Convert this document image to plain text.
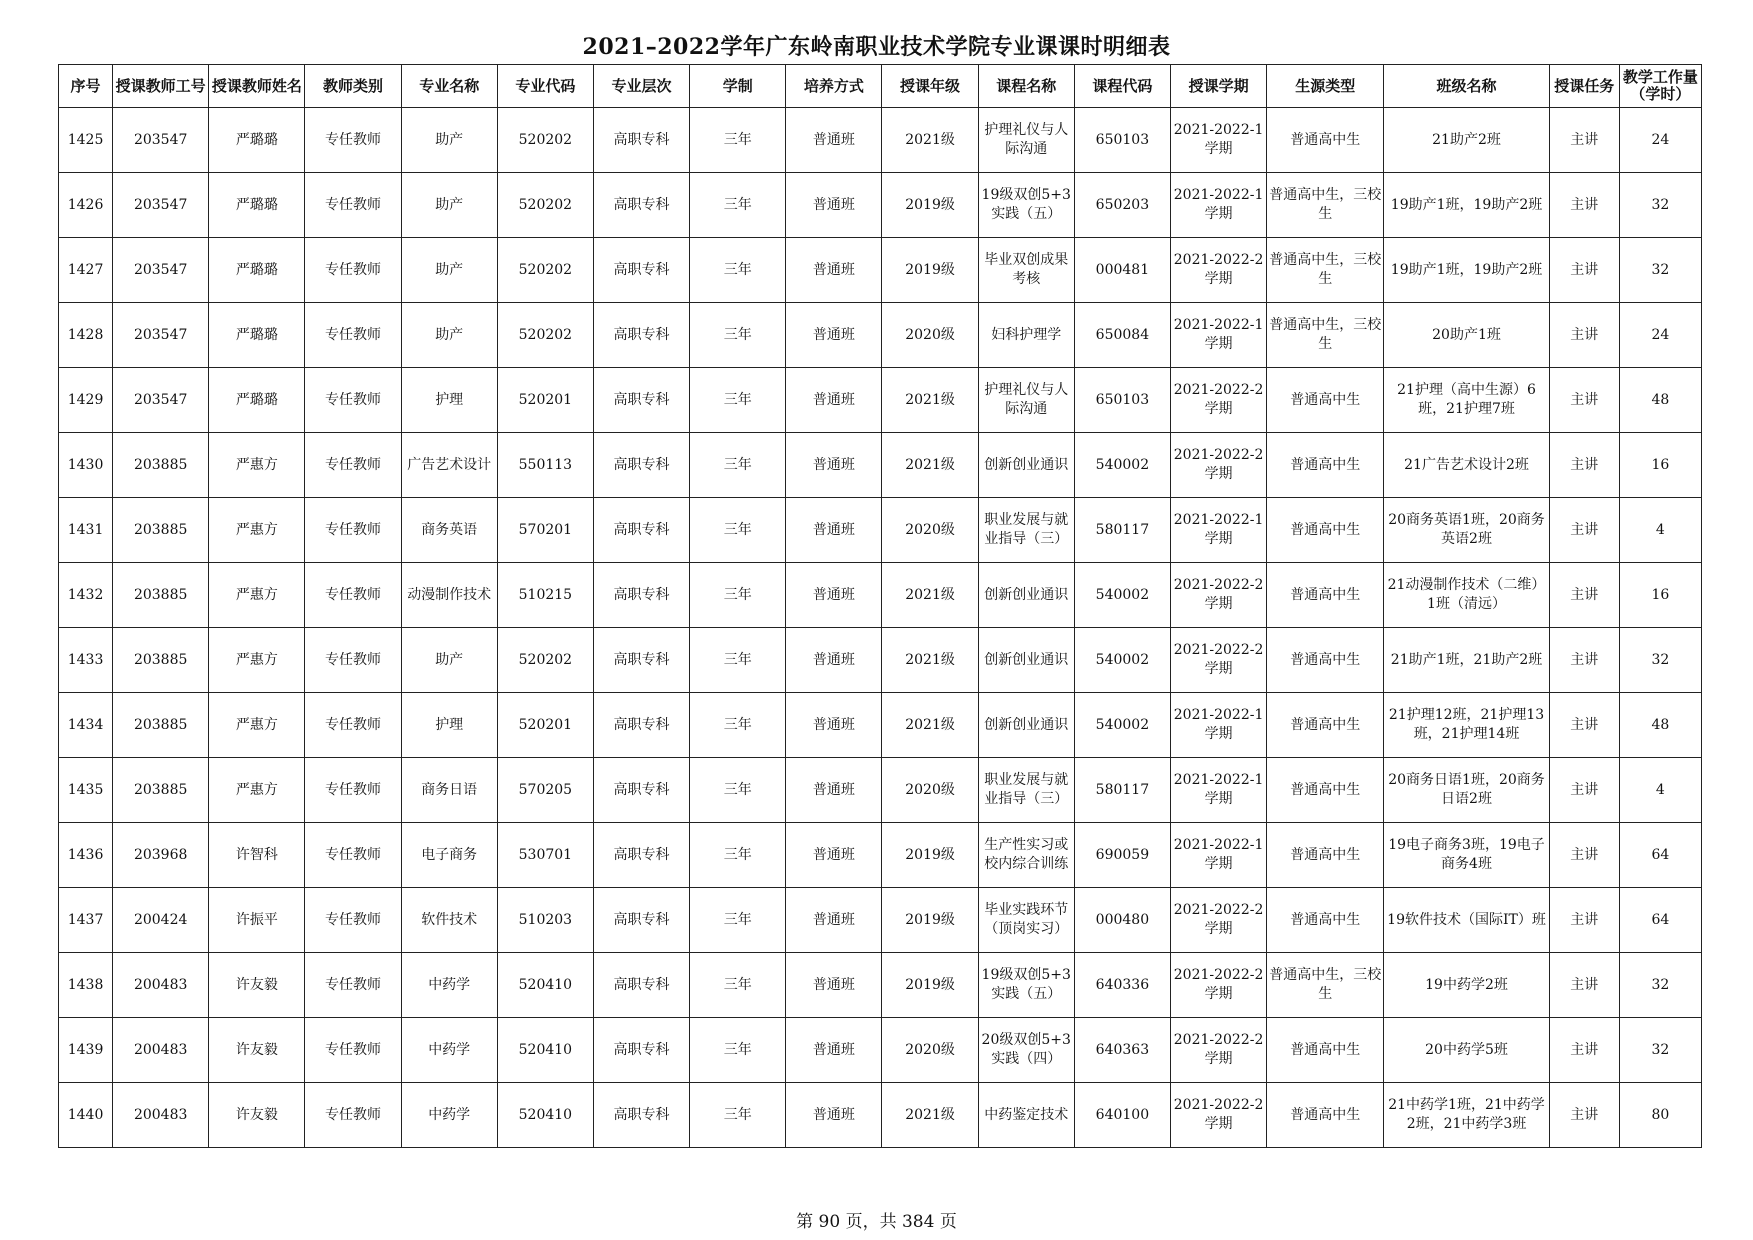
2021–2022学年广东岭南职业技术学院专业课课时明细表
序号	授课教师工号	授课教师姓名	教师类别	专业名称	专业代码	专业层次	学制	培养方式	授课年级	课程名称	课程代码	授课学期	生源类型	班级名称	授课任务	教学工作量（学时）
1425	203547	严璐璐	专任教师	助产	520202	高职专科	三年	普通班	2021级	护理礼仪与人际沟通	650103	2021-2022-1学期	普通高中生	21助产2班	主讲	24
1426	203547	严璐璐	专任教师	助产	520202	高职专科	三年	普通班	2019级	19级双创5+3实践（五）	650203	2021-2022-1学期	普通高中生，三校生	19助产1班，19助产2班	主讲	32
1427	203547	严璐璐	专任教师	助产	520202	高职专科	三年	普通班	2019级	毕业双创成果考核	000481	2021-2022-2学期	普通高中生，三校生	19助产1班，19助产2班	主讲	32
1428	203547	严璐璐	专任教师	助产	520202	高职专科	三年	普通班	2020级	妇科护理学	650084	2021-2022-1学期	普通高中生，三校生	20助产1班	主讲	24
1429	203547	严璐璐	专任教师	护理	520201	高职专科	三年	普通班	2021级	护理礼仪与人际沟通	650103	2021-2022-2学期	普通高中生	21护理（高中生源）6班，21护理7班	主讲	48
1430	203885	严惠方	专任教师	广告艺术设计	550113	高职专科	三年	普通班	2021级	创新创业通识	540002	2021-2022-2学期	普通高中生	21广告艺术设计2班	主讲	16
1431	203885	严惠方	专任教师	商务英语	570201	高职专科	三年	普通班	2020级	职业发展与就业指导（三）	580117	2021-2022-1学期	普通高中生	20商务英语1班，20商务英语2班	主讲	4
1432	203885	严惠方	专任教师	动漫制作技术	510215	高职专科	三年	普通班	2021级	创新创业通识	540002	2021-2022-2学期	普通高中生	21动漫制作技术（二维）1班（清远）	主讲	16
1433	203885	严惠方	专任教师	助产	520202	高职专科	三年	普通班	2021级	创新创业通识	540002	2021-2022-2学期	普通高中生	21助产1班，21助产2班	主讲	32
1434	203885	严惠方	专任教师	护理	520201	高职专科	三年	普通班	2021级	创新创业通识	540002	2021-2022-1学期	普通高中生	21护理12班，21护理13班，21护理14班	主讲	48
1435	203885	严惠方	专任教师	商务日语	570205	高职专科	三年	普通班	2020级	职业发展与就业指导（三）	580117	2021-2022-1学期	普通高中生	20商务日语1班，20商务日语2班	主讲	4
1436	203968	许智科	专任教师	电子商务	530701	高职专科	三年	普通班	2019级	生产性实习或校内综合训练	690059	2021-2022-1学期	普通高中生	19电子商务3班，19电子商务4班	主讲	64
1437	200424	许振平	专任教师	软件技术	510203	高职专科	三年	普通班	2019级	毕业实践环节（顶岗实习）	000480	2021-2022-2学期	普通高中生	19软件技术（国际IT）班	主讲	64
1438	200483	许友毅	专任教师	中药学	520410	高职专科	三年	普通班	2019级	19级双创5+3实践（五）	640336	2021-2022-2学期	普通高中生，三校生	19中药学2班	主讲	32
1439	200483	许友毅	专任教师	中药学	520410	高职专科	三年	普通班	2020级	20级双创5+3实践（四）	640363	2021-2022-2学期	普通高中生	20中药学5班	主讲	32
1440	200483	许友毅	专任教师	中药学	520410	高职专科	三年	普通班	2021级	中药鉴定技术	640100	2021-2022-2学期	普通高中生	21中药学1班，21中药学2班，21中药学3班	主讲	80
第 90 页，共 384 页
